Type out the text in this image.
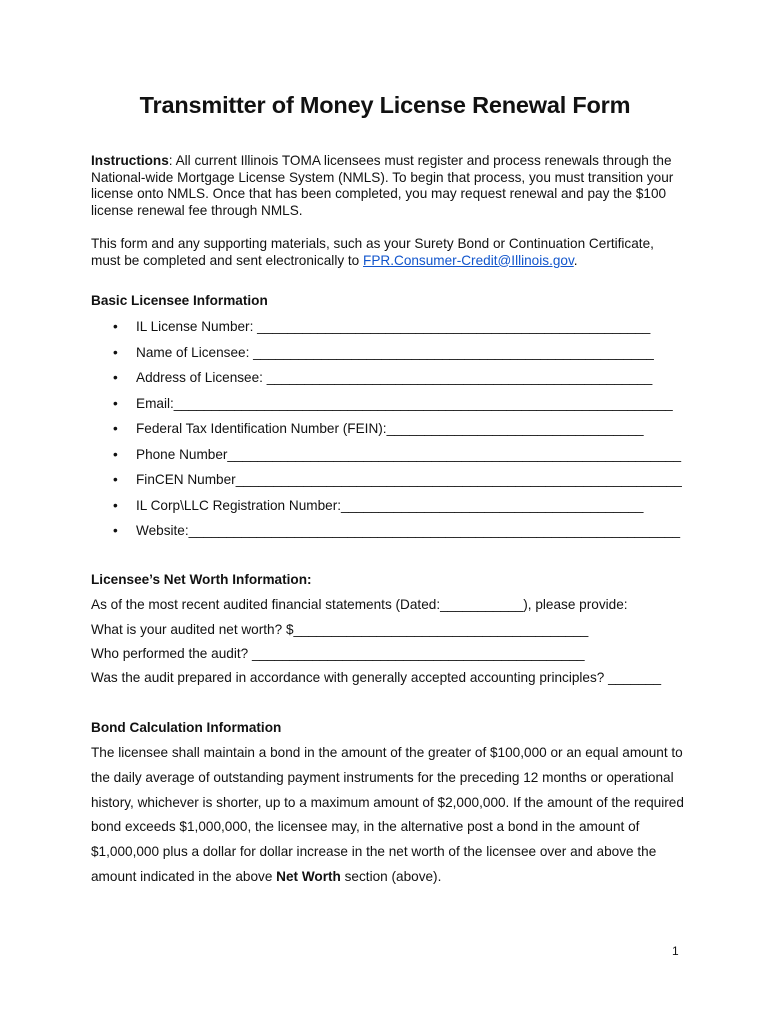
Transmitter of Money License Renewal Form
Instructions: All current Illinois TOMA licensees must register and process renewals through the National-wide Mortgage License System (NMLS). To begin that process, you must transition your license onto NMLS. Once that has been completed, you may request renewal and pay the $100 license renewal fee through NMLS.
This form and any supporting materials, such as your Surety Bond or Continuation Certificate, must be completed and sent electronically to FPR.Consumer-Credit@Illinois.gov.
Basic Licensee Information
• IL License Number: ____________________________________________________
• Name of Licensee: _____________________________________________________
• Address of Licensee: ___________________________________________________
• Email:__________________________________________________________________
• Federal Tax Identification Number (FEIN):__________________________________
• Phone Number____________________________________________________________
• FinCEN Number___________________________________________________________
• IL Corp\LLC Registration Number:________________________________________
• Website:_________________________________________________________________
Licensee’s Net Worth Information:
As of the most recent audited financial statements (Dated:___________), please provide:
What is your audited net worth? $_______________________________________
Who performed the audit? ____________________________________________
Was the audit prepared in accordance with generally accepted accounting principles? _______
Bond Calculation Information
The licensee shall maintain a bond in the amount of the greater of $100,000 or an equal amount to the daily average of outstanding payment instruments for the preceding 12 months or operational history, whichever is shorter, up to a maximum amount of $2,000,000. If the amount of the required bond exceeds $1,000,000, the licensee may, in the alternative post a bond in the amount of $1,000,000 plus a dollar for dollar increase in the net worth of the licensee over and above the amount indicated in the above Net Worth section (above).
1
